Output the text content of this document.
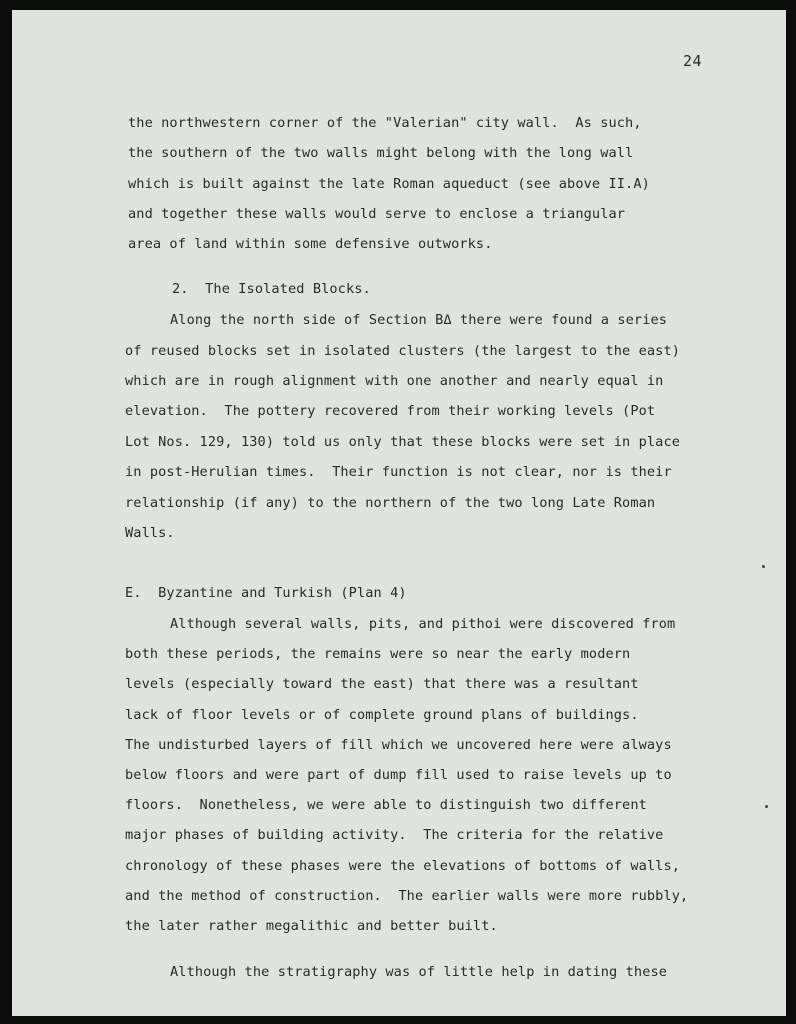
24
the northwestern corner of the "Valerian" city wall.  As such,
the southern of the two walls might belong with the long wall
which is built against the late Roman aqueduct (see above II.A)
and together these walls would serve to enclose a triangular
area of land within some defensive outworks.
2.  The Isolated Blocks.
Along the north side of Section BΔ there were found a series
of reused blocks set in isolated clusters (the largest to the east)
which are in rough alignment with one another and nearly equal in
elevation.  The pottery recovered from their working levels (Pot
Lot Nos. 129, 130) told us only that these blocks were set in place
in post-Herulian times.  Their function is not clear, nor is their
relationship (if any) to the northern of the two long Late Roman
Walls.
E.  Byzantine and Turkish (Plan 4)
Although several walls, pits, and pithoi were discovered from
both these periods, the remains were so near the early modern
levels (especially toward the east) that there was a resultant
lack of floor levels or of complete ground plans of buildings.
The undisturbed layers of fill which we uncovered here were always
below floors and were part of dump fill used to raise levels up to
floors.  Nonetheless, we were able to distinguish two different
major phases of building activity.  The criteria for the relative
chronology of these phases were the elevations of bottoms of walls,
and the method of construction.  The earlier walls were more rubbly,
the later rather megalithic and better built.
Although the stratigraphy was of little help in dating these
